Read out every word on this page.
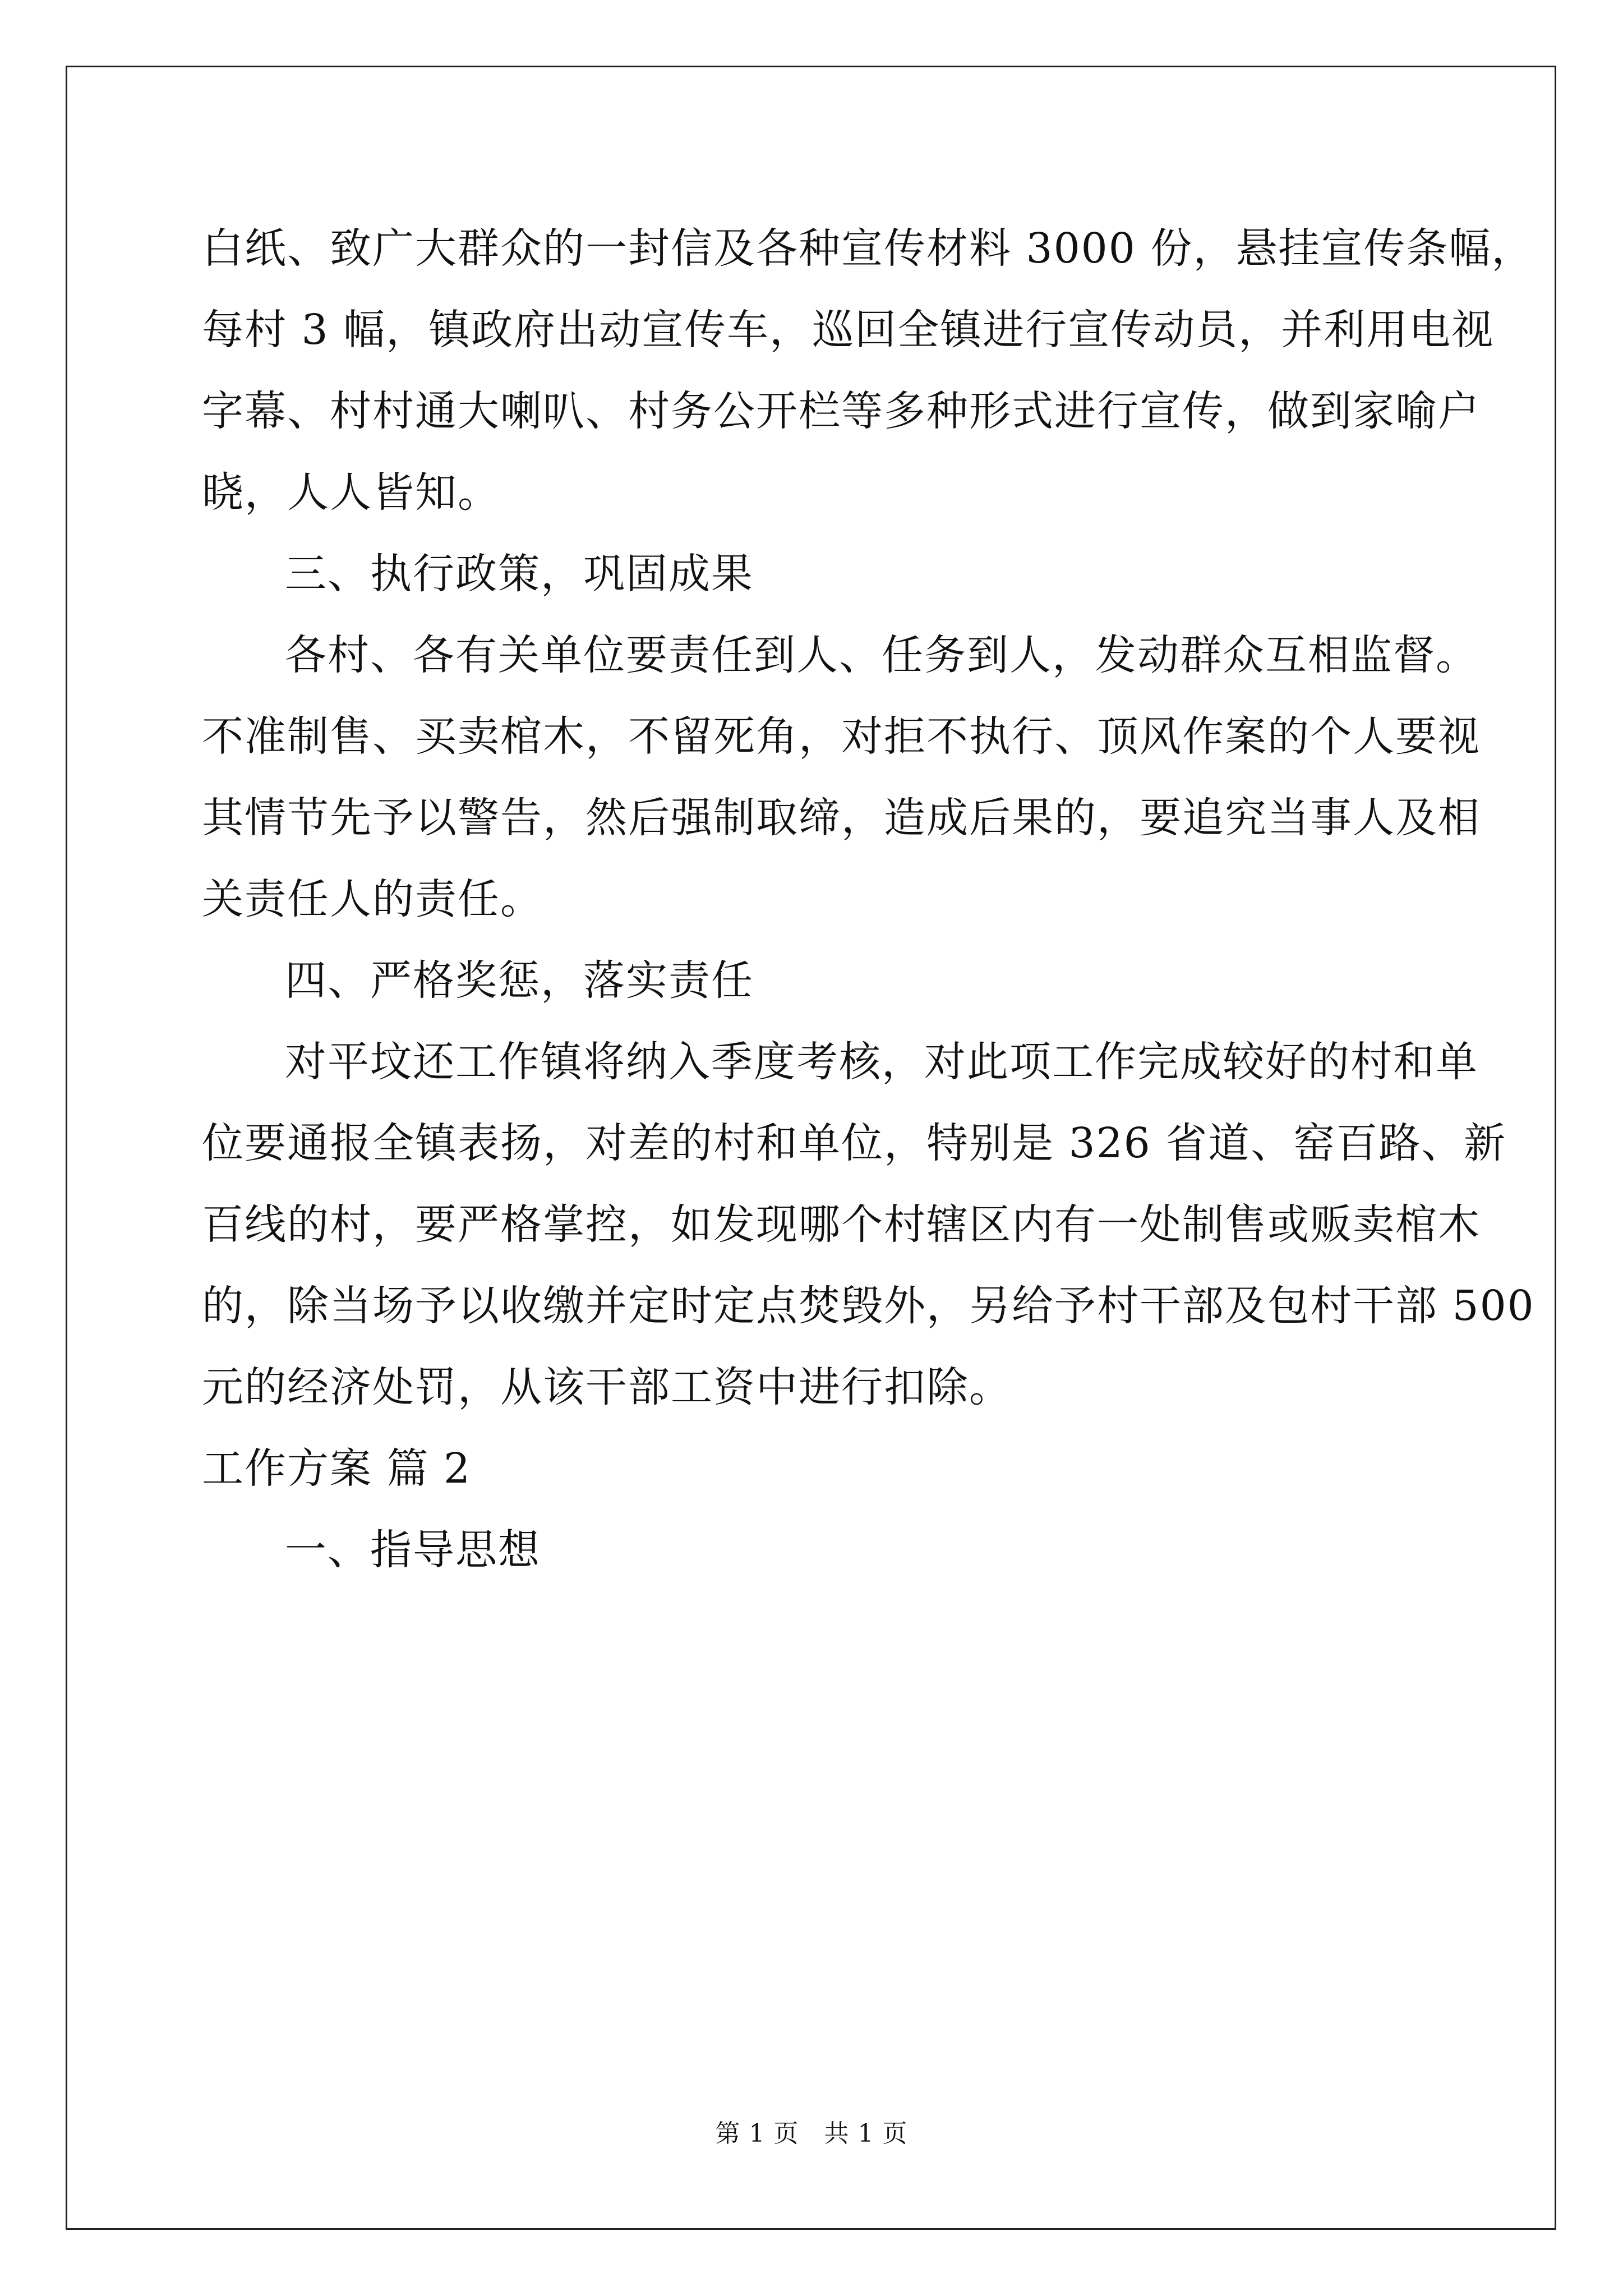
白纸、致广大群众的一封信及各种宣传材料 3000 份，悬挂宣传条幅，
每村 3 幅，镇政府出动宣传车，巡回全镇进行宣传动员，并利用电视
字幕、村村通大喇叭、村务公开栏等多种形式进行宣传，做到家喻户
晓，人人皆知。
三、执行政策，巩固成果
各村、各有关单位要责任到人、任务到人，发动群众互相监督。
不准制售、买卖棺木，不留死角，对拒不执行、顶风作案的个人要视
其情节先予以警告，然后强制取缔，造成后果的，要追究当事人及相
关责任人的责任。
四、严格奖惩，落实责任
对平坟还工作镇将纳入季度考核，对此项工作完成较好的村和单
位要通报全镇表扬，对差的村和单位，特别是 326 省道、窑百路、新
百线的村，要严格掌控，如发现哪个村辖区内有一处制售或贩卖棺木
的，除当场予以收缴并定时定点焚毁外，另给予村干部及包村干部 500
元的经济处罚，从该干部工资中进行扣除。
工作方案 篇 2
一、指导思想
第 1 页　共 1 页
